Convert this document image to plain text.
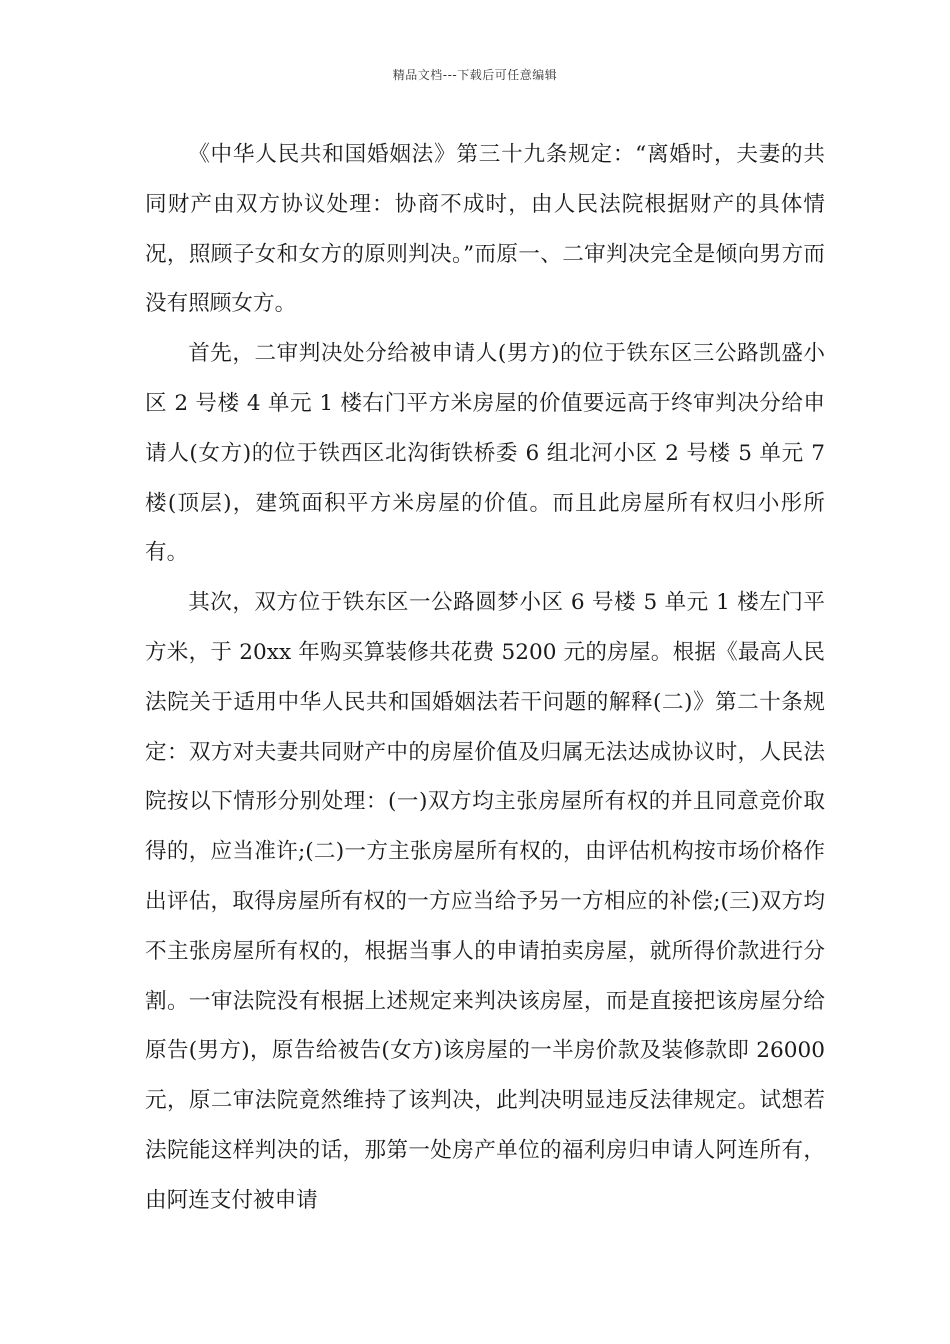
精品文档---下载后可任意编辑

《中华人民共和国婚姻法》第三十九条规定：“离婚时，夫妻的共同财产由双方协议处理：协商不成时，由人民法院根据财产的具体情况，照顾子女和女方的原则判决。”而原一、二审判决完全是倾向男方而没有照顾女方。

首先，二审判决处分给被申请人(男方)的位于铁东区三公路凯盛小区 2 号楼 4 单元 1 楼右门平方米房屋的价值要远高于终审判决分给申请人(女方)的位于铁西区北沟街铁桥委 6 组北河小区 2 号楼 5 单元 7 楼(顶层)，建筑面积平方米房屋的价值。而且此房屋所有权归小彤所有。

其次，双方位于铁东区一公路圆梦小区 6 号楼 5 单元 1 楼左门平方米，于 20xx 年购买算装修共花费 5200 元的房屋。根据《最高人民法院关于适用中华人民共和国婚姻法若干问题的解释(二)》第二十条规定：双方对夫妻共同财产中的房屋价值及归属无法达成协议时，人民法院按以下情形分别处理：(一)双方均主张房屋所有权的并且同意竞价取得的，应当准许;(二)一方主张房屋所有权的，由评估机构按市场价格作出评估，取得房屋所有权的一方应当给予另一方相应的补偿;(三)双方均不主张房屋所有权的，根据当事人的申请拍卖房屋，就所得价款进行分割。一审法院没有根据上述规定来判决该房屋，而是直接把该房屋分给原告(男方)，原告给被告(女方)该房屋的一半房价款及装修款即 26000 元，原二审法院竟然维持了该判决，此判决明显违反法律规定。试想若法院能这样判决的话，那第一处房产单位的福利房归申请人阿连所有，由阿连支付被申请
